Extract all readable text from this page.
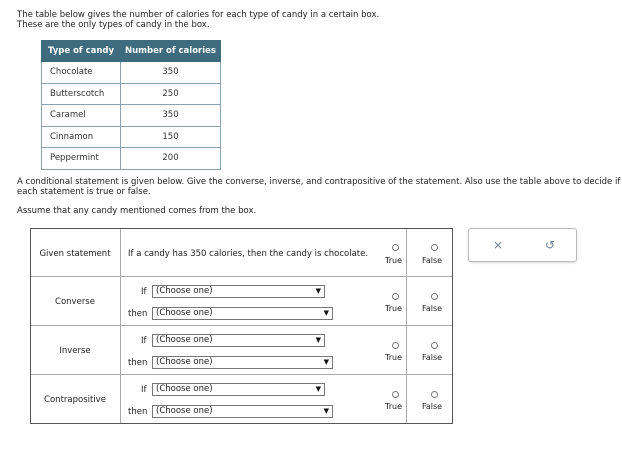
The table below gives the number of calories for each type of candy in a certain box.
These are the only types of candy in the box.
Type of candy	Number of calories
Chocolate	350
Butterscotch	250
Caramel	350
Cinnamon	150
Peppermint	200
A conditional statement is given below. Give the converse, inverse, and contrapositive of the statement. Also use the table above to decide if
each statement is true or false.
Assume that any candy mentioned comes from the box.
Given statement	If a candy has 350 calories, then the candy is chocolate.
True	False
Converse
If	(Choose one)	▼
then	(Choose one)	▼	True	False
Inverse
If	(Choose one)	▼
then	(Choose one)	▼	True	False
Contrapositive
If	(Choose one)	▼
then	(Choose one)	▼	True	False
×	↺
